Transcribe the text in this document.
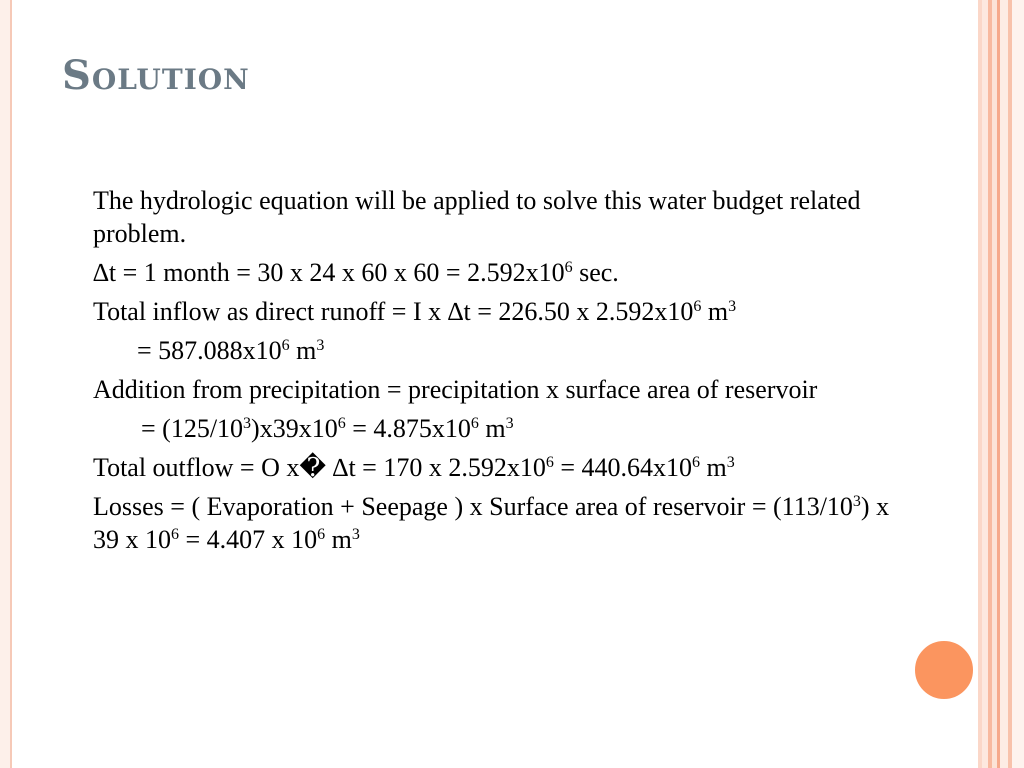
Solution

The hydrologic equation will be applied to solve this water budget related problem.

∆t = 1 month = 30 x 24 x 60 x $60 = 2.592x10^6$ sec.

Total inflow as direct runoff = I x ∆t = 226.50 x $2.592x10^6$ $m^3$

= $587.088x10^6$ $m^3$

Addition from precipitation = precipitation x surface area of reservoir

= $(125/10^3)x39x10^6 = 4.875x10^6$ $m^3$

Total outflow = O x� ∆t = 170 x $2.592x10^6 = 440.64x10^6$ $m^3$

Losses = ( Evaporation + Seepage ) x Surface area of reservoir = $(113/10^3)$ x 39 x $10^6 = 4.407$ x $10^6$ $m^3$
